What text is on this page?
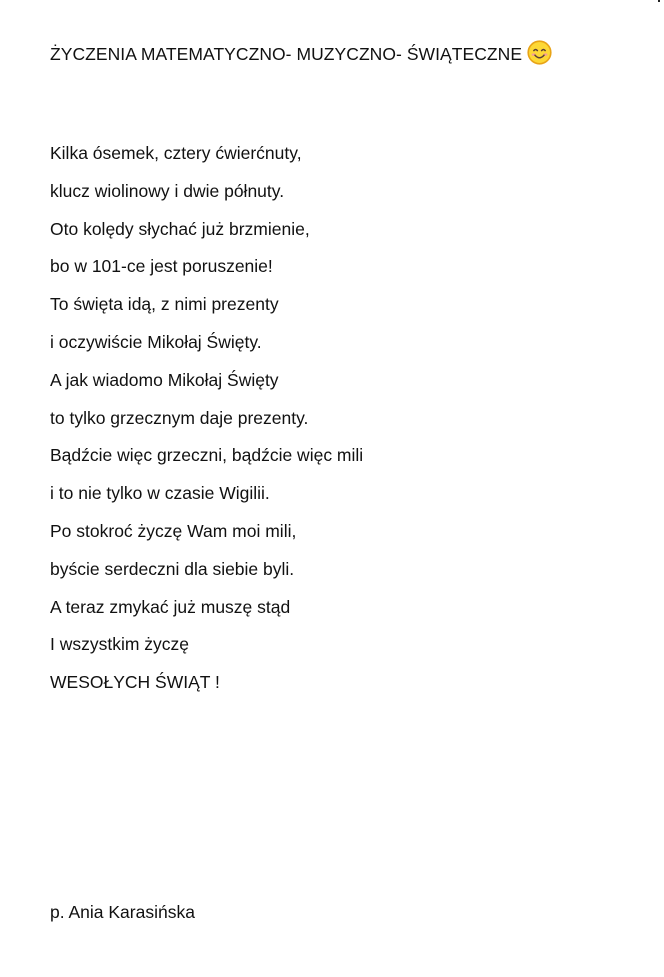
ŻYCZENIA MATEMATYCZNO- MUZYCZNO- ŚWIĄTECZNE
Kilka ósemek, cztery ćwierćnuty,
klucz wiolinowy i dwie półnuty.
Oto kolędy słychać już brzmienie,
bo w 101-ce jest poruszenie!
To święta idą, z nimi prezenty
i oczywiście Mikołaj Święty.
A jak wiadomo Mikołaj Święty
to tylko grzecznym daje prezenty.
Bądźcie więc grzeczni, bądźcie więc mili
i to nie tylko w czasie Wigilii.
Po stokroć życzę Wam moi mili,
byście serdeczni dla siebie byli.
A teraz zmykać już muszę stąd
I wszystkim życzę
WESOŁYCH ŚWIĄT !
p. Ania Karasińska
